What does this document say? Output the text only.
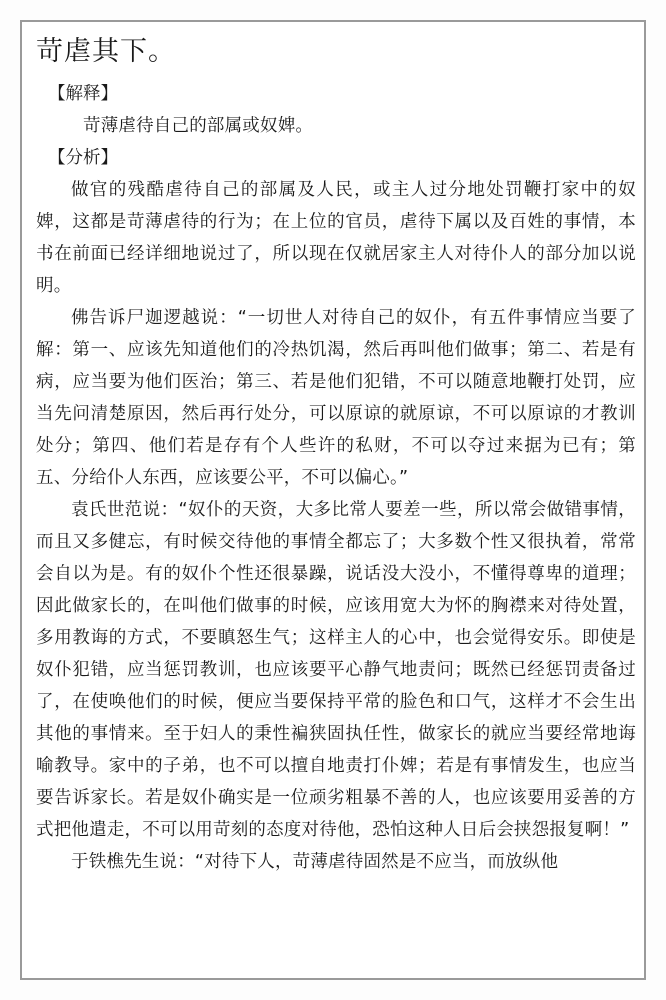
苛虐其下。

【解释】

苛薄虐待自己的部属或奴婢。

【分析】

做官的残酷虐待自己的部属及人民，或主人过分地处罚鞭打家中的奴婢，这都是苛薄虐待的行为；在上位的官员，虐待下属以及百姓的事情，本书在前面已经详细地说过了，所以现在仅就居家主人对待仆人的部分加以说明。

佛告诉尸迦逻越说：“一切世人对待自己的奴仆，有五件事情应当要了解：第一、应该先知道他们的冷热饥渴，然后再叫他们做事；第二、若是有病，应当要为他们医治；第三、若是他们犯错，不可以随意地鞭打处罚，应当先问清楚原因，然后再行处分，可以原谅的就原谅，不可以原谅的才教训处分；第四、他们若是存有个人些许的私财，不可以夺过来据为已有；第五、分给仆人东西，应该要公平，不可以偏心。”

袁氏世范说：“奴仆的天资，大多比常人要差一些，所以常会做错事情，而且又多健忘，有时候交待他的事情全都忘了；大多数个性又很执着，常常会自以为是。有的奴仆个性还很暴躁，说话没大没小，不懂得尊卑的道理；因此做家长的，在叫他们做事的时候，应该用宽大为怀的胸襟来对待处置，多用教诲的方式，不要瞋怒生气；这样主人的心中，也会觉得安乐。即使是奴仆犯错，应当惩罚教训，也应该要平心静气地责问；既然已经惩罚责备过了，在使唤他们的时候，便应当要保持平常的脸色和口气，这样才不会生出其他的事情来。至于妇人的秉性褊狭固执任性，做家长的就应当要经常地诲喻教导。家中的子弟，也不可以擅自地责打仆婢；若是有事情发生，也应当要告诉家长。若是奴仆确实是一位顽劣粗暴不善的人，也应该要用妥善的方式把他遣走，不可以用苛刻的态度对待他，恐怕这种人日后会挟怨报复啊！”

于铁樵先生说：“对待下人，苛薄虐待固然是不应当，而放纵他
